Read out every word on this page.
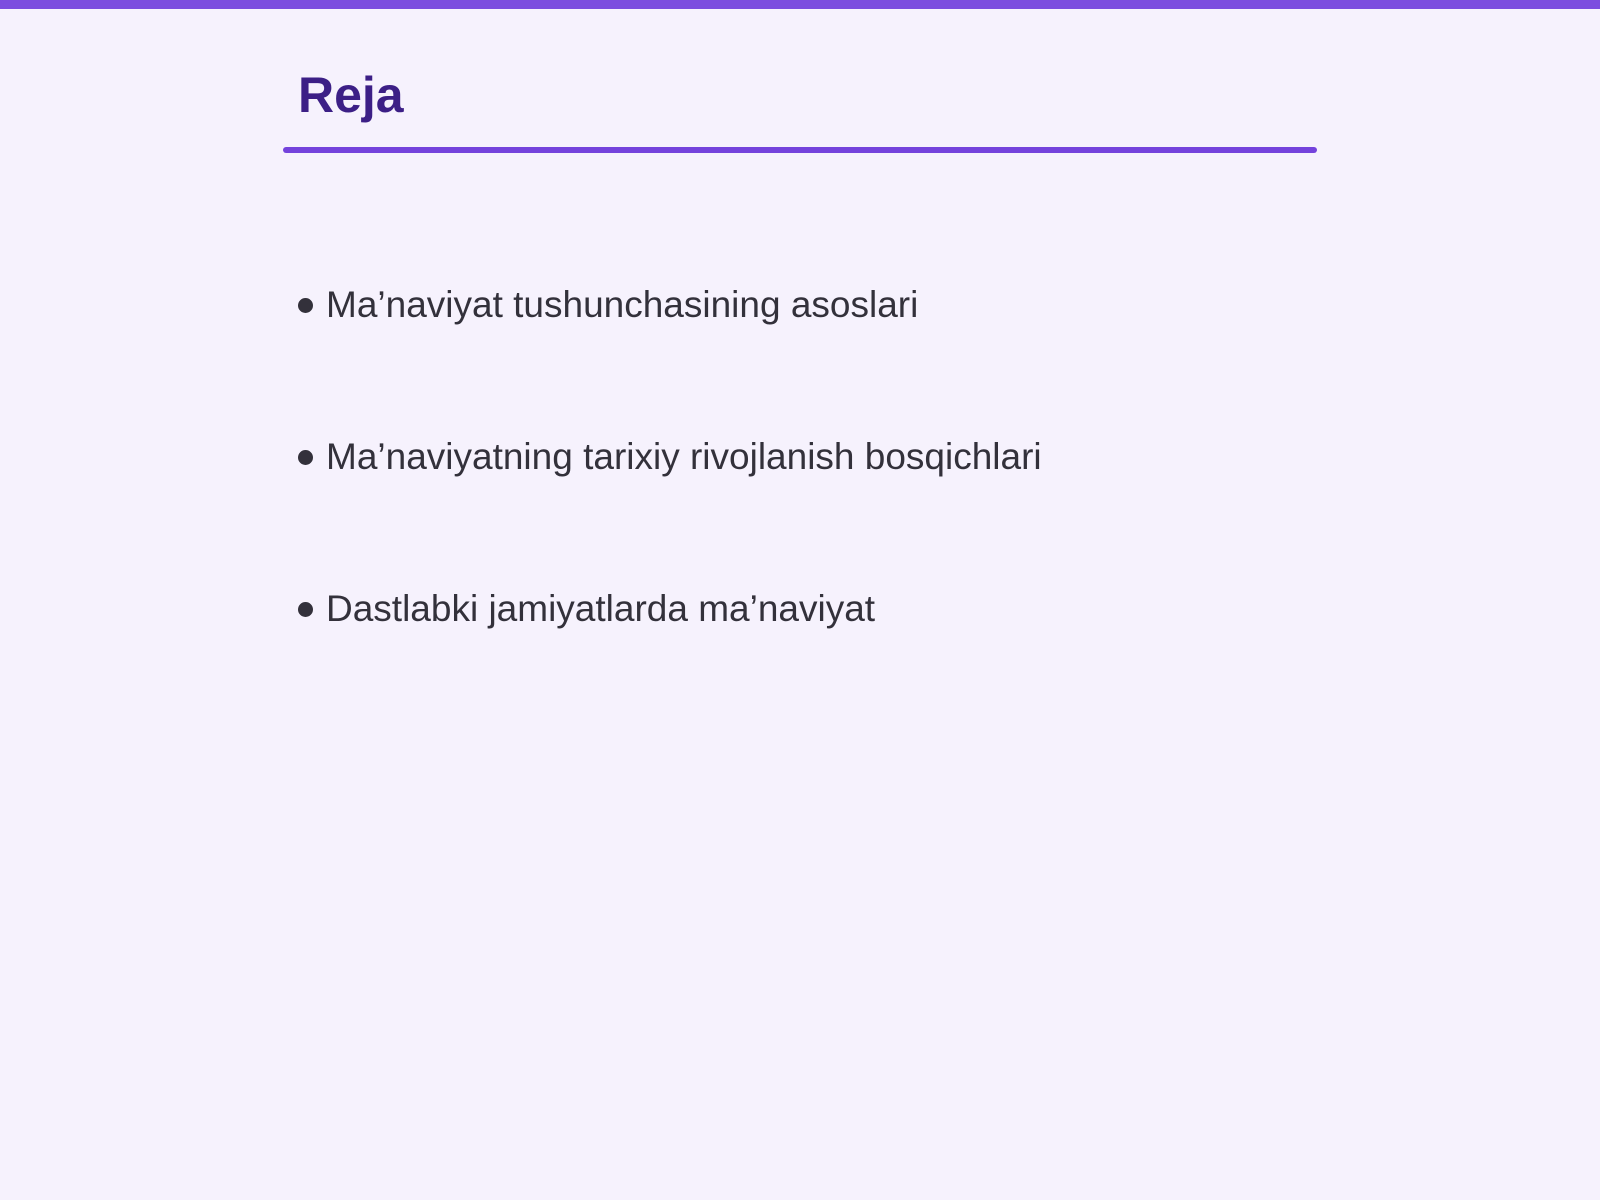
Reja
Ma’naviyat tushunchasining asoslari
Ma’naviyatning tarixiy rivojlanish bosqichlari
Dastlabki jamiyatlarda ma’naviyat
